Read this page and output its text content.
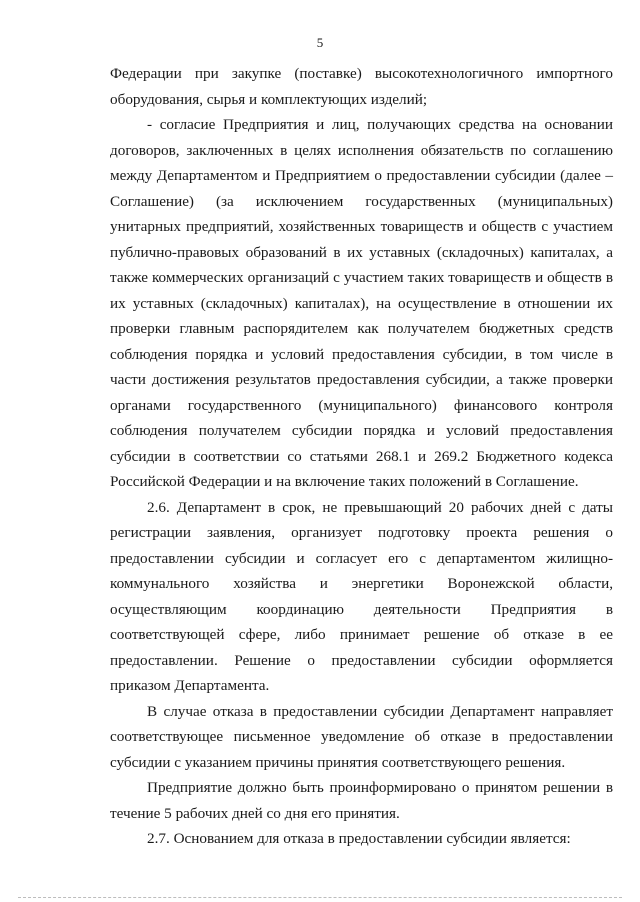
5

Федерации при закупке (поставке) высокотехнологичного импортного оборудования, сырья и комплектующих изделий;

- согласие Предприятия и лиц, получающих средства на основании договоров, заключенных в целях исполнения обязательств по соглашению между Департаментом и Предприятием о предоставлении субсидии (далее – Соглашение) (за исключением государственных (муниципальных) унитарных предприятий, хозяйственных товариществ и обществ с участием публично-правовых образований в их уставных (складочных) капиталах, а также коммерческих организаций с участием таких товариществ и обществ в их уставных (складочных) капиталах), на осуществление в отношении их проверки главным распорядителем как получателем бюджетных средств соблюдения порядка и условий предоставления субсидии, в том числе в части достижения результатов предоставления субсидии, а также проверки органами государственного (муниципального) финансового контроля соблюдения получателем субсидии порядка и условий предоставления субсидии в соответствии со статьями 268.1 и 269.2 Бюджетного кодекса Российской Федерации и на включение таких положений в Соглашение.

2.6. Департамент в срок, не превышающий 20 рабочих дней с даты регистрации заявления, организует подготовку проекта решения о предоставлении субсидии и согласует его с департаментом жилищно-коммунального хозяйства и энергетики Воронежской области, осуществляющим координацию деятельности Предприятия в соответствующей сфере, либо принимает решение об отказе в ее предоставлении. Решение о предоставлении субсидии оформляется приказом Департамента.

В случае отказа в предоставлении субсидии Департамент направляет соответствующее письменное уведомление об отказе в предоставлении субсидии с указанием причины принятия соответствующего решения.

Предприятие должно быть проинформировано о принятом решении в течение 5 рабочих дней со дня его принятия.

2.7. Основанием для отказа в предоставлении субсидии является:
